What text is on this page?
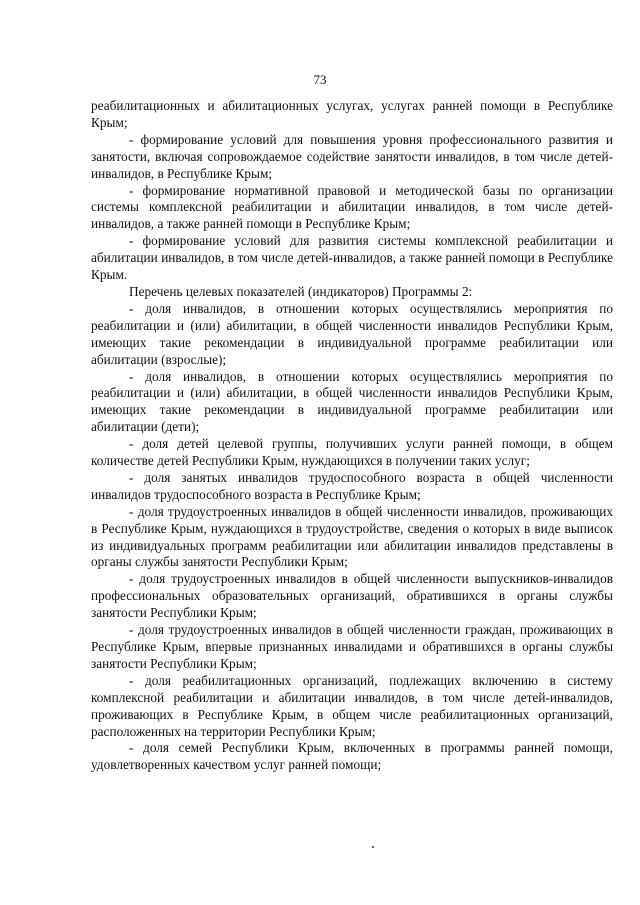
73

реабилитационных и абилитационных услугах, услугах ранней помощи в Республике Крым;

- формирование условий для повышения уровня профессионального развития и занятости, включая сопровождаемое содействие занятости инвалидов, в том числе детей-инвалидов, в Республике Крым;

- формирование нормативной правовой и методической базы по организации системы комплексной реабилитации и абилитации инвалидов, в том числе детей-инвалидов, а также ранней помощи в Республике Крым;

- формирование условий для развития системы комплексной реабилитации и абилитации инвалидов, в том числе детей-инвалидов, а также ранней помощи в Республике Крым.

Перечень целевых показателей (индикаторов) Программы 2:

- доля инвалидов, в отношении которых осуществлялись мероприятия по реабилитации и (или) абилитации, в общей численности инвалидов Республики Крым, имеющих такие рекомендации в индивидуальной программе реабилитации или абилитации (взрослые);

- доля инвалидов, в отношении которых осуществлялись мероприятия по реабилитации и (или) абилитации, в общей численности инвалидов Республики Крым, имеющих такие рекомендации в индивидуальной программе реабилитации или абилитации (дети);

- доля детей целевой группы, получивших услуги ранней помощи, в общем количестве детей Республики Крым, нуждающихся в получении таких услуг;

- доля занятых инвалидов трудоспособного возраста в общей численности инвалидов трудоспособного возраста в Республике Крым;

- доля трудоустроенных инвалидов в общей численности инвалидов, проживающих в Республике Крым, нуждающихся в трудоустройстве, сведения о которых в виде выписок из индивидуальных программ реабилитации или абилитации инвалидов представлены в органы службы занятости Республики Крым;

- доля трудоустроенных инвалидов в общей численности выпускников-инвалидов профессиональных образовательных организаций, обратившихся в органы службы занятости Республики Крым;

- доля трудоустроенных инвалидов в общей численности граждан, проживающих в Республике Крым, впервые признанных инвалидами и обратившихся в органы службы занятости Республики Крым;

- доля реабилитационных организаций, подлежащих включению в систему комплексной реабилитации и абилитации инвалидов, в том числе детей-инвалидов, проживающих в Республике Крым, в общем числе реабилитационных организаций, расположенных на территории Республики Крым;

- доля семей Республики Крым, включенных в программы ранней помощи, удовлетворенных качеством услуг ранней помощи;
